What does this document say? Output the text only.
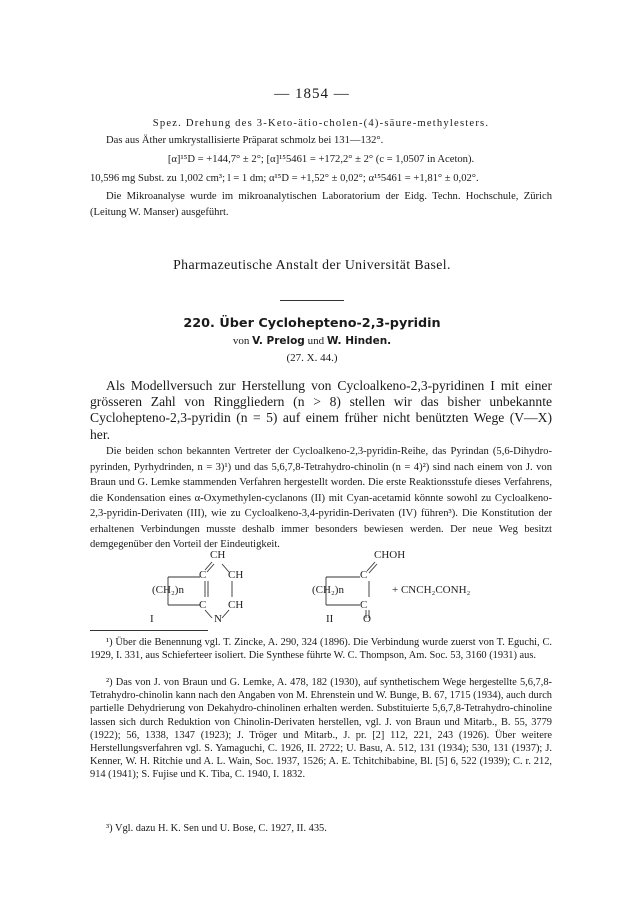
— 1854 —
Spez. Drehung des 3-Keto-ätio-cholen-(4)-säure-methylesters.
Das aus Äther umkrystallisierte Präparat schmolz bei 131—132°.
[α]¹⁵D = +144,7° ± 2°; [α]¹⁵5461 = +172,2° ± 2° (c = 1,0507 in Aceton).
10,596 mg Subst. zu 1,002 cm³; l = 1 dm; α¹⁵D = +1,52° ± 0,02°; α¹⁵5461 = +1,81° ± 0,02°.
Die Mikroanalyse wurde im mikroanalytischen Laboratorium der Eidg. Techn. Hochschule, Zürich (Leitung W. Manser) ausgeführt.
Pharmazeutische Anstalt der Universität Basel.
220. Über Cyclohepteno-2,3-pyridin
von V. Prelog und W. Hinden.
(27. X. 44.)
Als Modellversuch zur Herstellung von Cycloalkeno-2,3-pyridinen I mit einer grösseren Zahl von Ringgliedern (n > 8) stellen wir das bisher unbekannte Cyclohepteno-2,3-pyridin (n = 5) auf einem früher nicht benützten Wege (V—X) her.
Die beiden schon bekannten Vertreter der Cycloalkeno-2,3-pyridin-Reihe, das Pyrindan (5,6-Dihydro-pyrinden, Pyrhydrinden, n = 3)¹) und das 5,6,7,8-Tetrahydro-chinolin (n = 4)²) sind nach einem von J. von Braun und G. Lemke stammenden Verfahren hergestellt worden. Die erste Reaktionsstufe dieses Verfahrens, die Kondensation eines α-Oxymethylen-cyclanons (II) mit Cyan-acetamid könnte sowohl zu Cycloalkeno-2,3-pyridin-Derivaten (III), wie zu Cycloalkeno-3,4-pyridin-Derivaten (IV) führen³). Die Konstitution der erhaltenen Verbindungen musste deshalb immer besonders bewiesen werden. Der neue Weg besitzt demgegenüber den Vorteil der Eindeutigkeit.
CH
C CH
(CH₂)n
C CH
N
I
CHOH
C
(CH₂)n
C
O
II
+ CNCH₂CONH₂
¹) Über die Benennung vgl. T. Zincke, A. 290, 324 (1896). Die Verbindung wurde zuerst von T. Eguchi, C. 1929, I. 331, aus Schieferteer isoliert. Die Synthese führte W. C. Thompson, Am. Soc. 53, 3160 (1931) aus.
²) Das von J. von Braun und G. Lemke, A. 478, 182 (1930), auf synthetischem Wege hergestellte 5,6,7,8-Tetrahydro-chinolin kann nach den Angaben von M. Ehrenstein und W. Bunge, B. 67, 1715 (1934), auch durch partielle Dehydrierung von Dekahydro-chinolinen erhalten werden. Substituierte 5,6,7,8-Tetrahydro-chinoline lassen sich durch Reduktion von Chinolin-Derivaten herstellen, vgl. J. von Braun und Mitarb., B. 55, 3779 (1922); 56, 1338, 1347 (1923); J. Tröger und Mitarb., J. pr. [2] 112, 221, 243 (1926). Über weitere Herstellungsverfahren vgl. S. Yamaguchi, C. 1926, II. 2722; U. Basu, A. 512, 131 (1934); 530, 131 (1937); J. Kenner, W. H. Ritchie und A. L. Wain, Soc. 1937, 1526; A. E. Tchitchibabine, Bl. [5] 6, 522 (1939); C. r. 212, 914 (1941); S. Fujise und K. Tiba, C. 1940, I. 1832.
³) Vgl. dazu H. K. Sen und U. Bose, C. 1927, II. 435.
